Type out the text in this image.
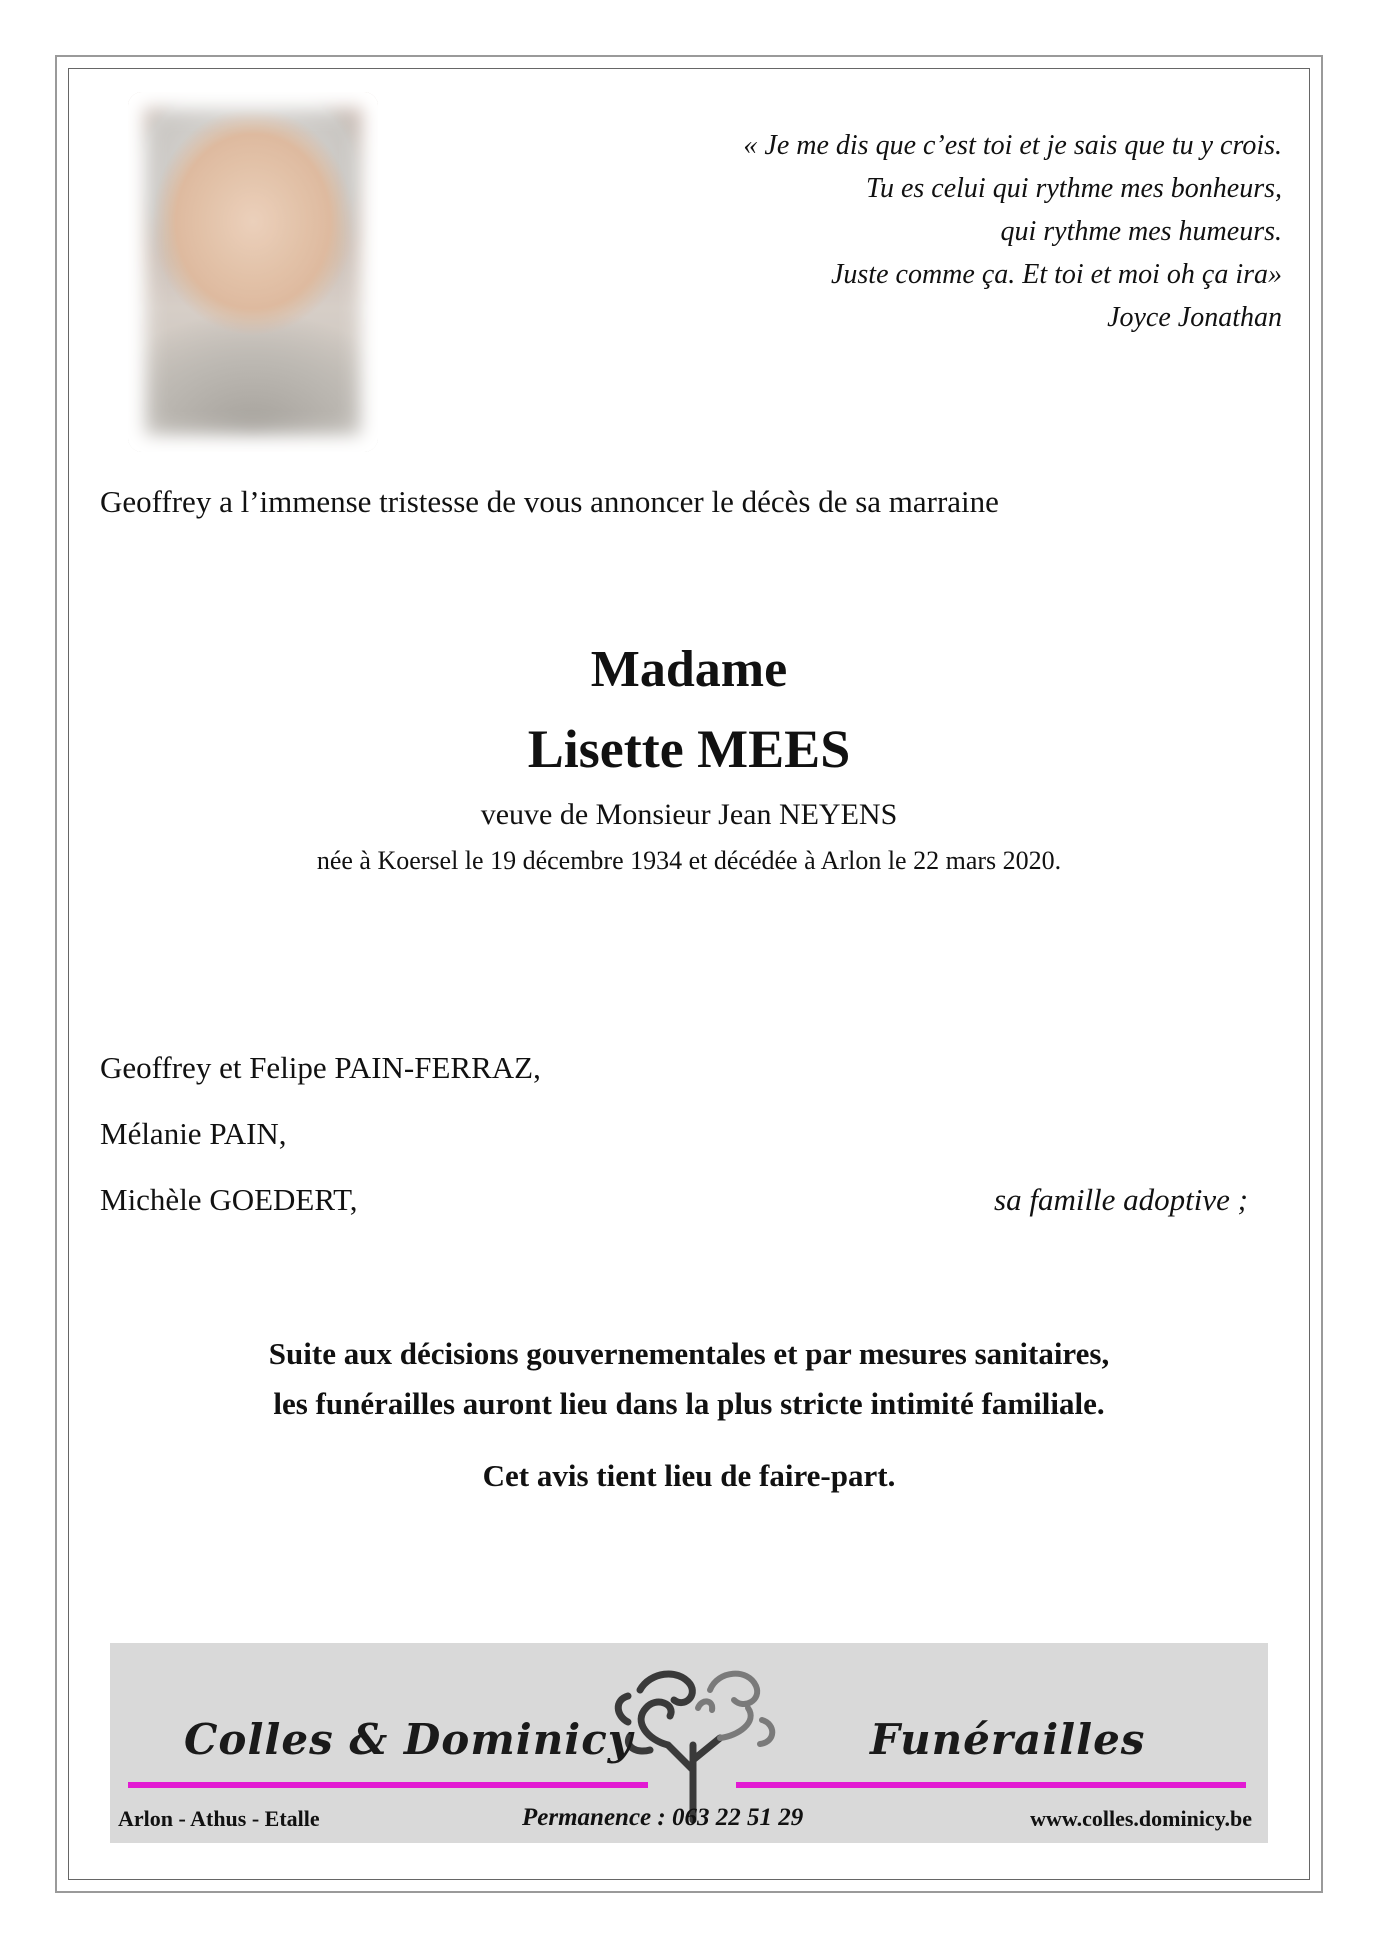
« Je me dis que c’est toi et je sais que tu y crois.
Tu es celui qui rythme mes bonheurs,
qui rythme mes humeurs.
Juste comme ça. Et toi et moi oh ça ira»
Joyce Jonathan
Geoffrey a l’immense tristesse de vous annoncer le décès de sa marraine
Madame
Lisette MEES
veuve de Monsieur Jean NEYENS
née à Koersel le 19 décembre 1934 et décédée à Arlon le 22 mars 2020.
Geoffrey et Felipe PAIN-FERRAZ,
Mélanie PAIN,
Michèle GOEDERT,	sa famille adoptive ;
Suite aux décisions gouvernementales et par mesures sanitaires,
les funérailles auront lieu dans la plus stricte intimité familiale.
Cet avis tient lieu de faire-part.
Colles & Dominicy	Funérailles
Arlon - Athus - Etalle	Permanence : 063 22 51 29	www.colles.dominicy.be
